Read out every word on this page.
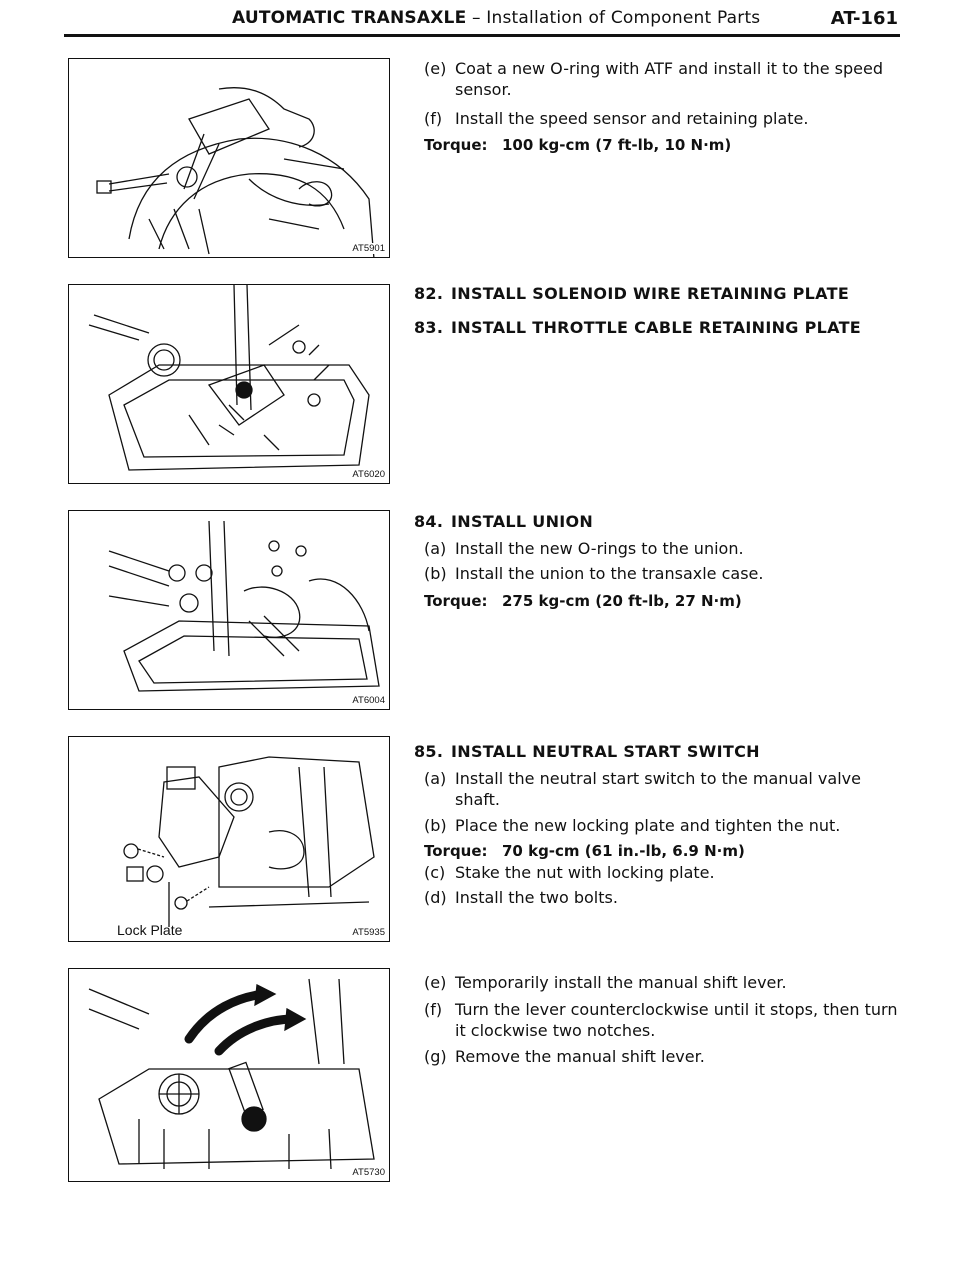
AUTOMATIC TRANSAXLE – Installation of Component Parts	AT-161
AT5901
AT6020
AT6004
Lock Plate	AT5935
AT5730
(e) Coat a new O-ring with ATF and install it to the speed sensor.
(f) Install the speed sensor and retaining plate.
Torque: 100 kg-cm (7 ft-lb, 10 N·m)
82. INSTALL SOLENOID WIRE RETAINING PLATE
83. INSTALL THROTTLE CABLE RETAINING PLATE
84. INSTALL UNION
(a) Install the new O-rings to the union.
(b) Install the union to the transaxle case.
Torque: 275 kg-cm (20 ft-lb, 27 N·m)
85. INSTALL NEUTRAL START SWITCH
(a) Install the neutral start switch to the manual valve shaft.
(b) Place the new locking plate and tighten the nut.
Torque: 70 kg-cm (61 in.-lb, 6.9 N·m)
(c) Stake the nut with locking plate.
(d) Install the two bolts.
(e) Temporarily install the manual shift lever.
(f) Turn the lever counterclockwise until it stops, then turn it clockwise two notches.
(g) Remove the manual shift lever.
